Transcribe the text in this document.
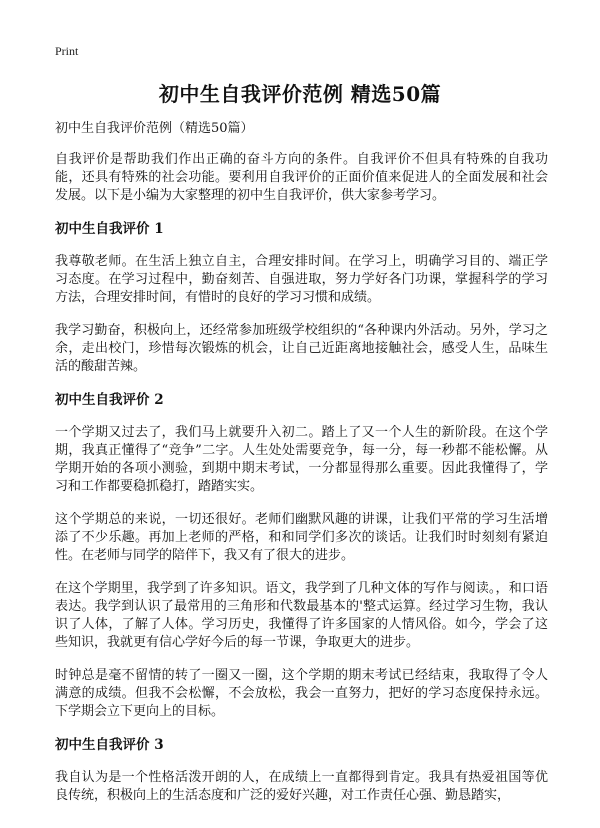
Print
初中生自我评价范例 精选50篇
初中生自我评价范例（精选50篇）

自我评价是帮助我们作出正确的奋斗方向的条件。自我评价不但具有特殊的自我功能，还具有特殊的社会功能。要利用自我评价的正面价值来促进人的全面发展和社会发展。以下是小编为大家整理的初中生自我评价，供大家参考学习。

初中生自我评价 1

我尊敬老师。在生活上独立自主，合理安排时间。在学习上，明确学习目的、端正学习态度。在学习过程中，勤奋刻苦、自强进取，努力学好各门功课，掌握科学的学习方法，合理安排时间，有惜时的良好的学习习惯和成绩。

我学习勤奋，积极向上，还经常参加班级学校组织的“各种课内外活动。另外，学习之余，走出校门，珍惜每次锻炼的机会，让自己近距离地接触社会，感受人生，品味生活的酸甜苦辣。

初中生自我评价 2

一个学期又过去了，我们马上就要升入初二。踏上了又一个人生的新阶段。在这个学期，我真正懂得了“竞争”二字。人生处处需要竞争，每一分，每一秒都不能松懈。从学期开始的各项小测验，到期中期末考试，一分都显得那么重要。因此我懂得了，学习和工作都要稳抓稳打，踏踏实实。

这个学期总的来说，一切还很好。老师们幽默风趣的讲课，让我们平常的学习生活增添了不少乐趣。再加上老师的严格，和和同学们多次的谈话。让我们时时刻刻有紧迫性。在老师与同学的陪伴下，我又有了很大的进步。

在这个学期里，我学到了许多知识。语文，我学到了几种文体的写作与阅读。，和口语表达。我学到认识了最常用的三角形和代数最基本的'整式运算。经过学习生物，我认识了人体，了解了人体。学习历史，我懂得了许多国家的人情风俗。如今，学会了这些知识，我就更有信心学好今后的每一节课，争取更大的进步。

时钟总是毫不留情的转了一圈又一圈，这个学期的期末考试已经结束，我取得了令人满意的成绩。但我不会松懈，不会放松，我会一直努力，把好的学习态度保持永远。下学期会立下更向上的目标。

初中生自我评价 3

我自认为是一个性格活泼开朗的人，在成绩上一直都得到肯定。我具有热爱祖国等优良传统，积极向上的生活态度和广泛的爱好兴趣，对工作责任心强、勤恳踏实，
